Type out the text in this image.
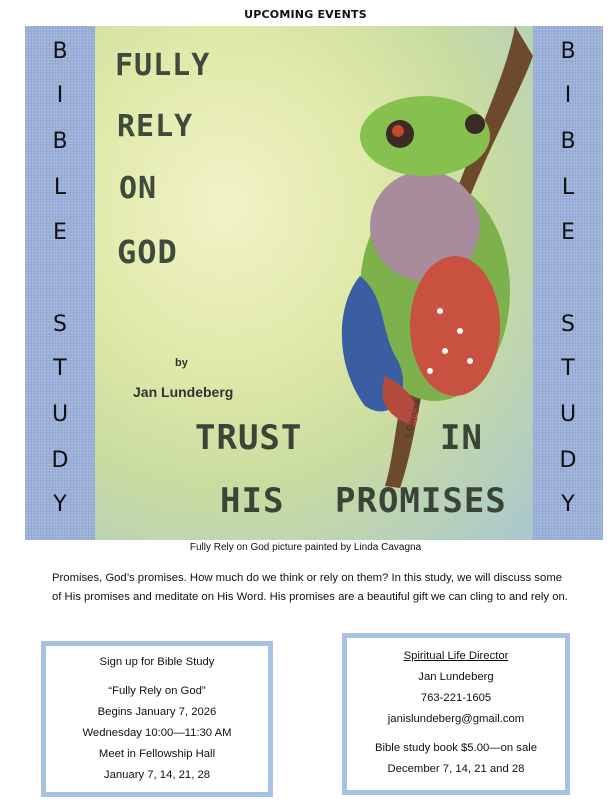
UPCOMING EVENTS
B
I
B
L
E
S
T
U
D
Y
FULLY
RELY
ON
GOD
by
Jan Lundeberg
TRUST	IN
HIS PROMISES
L.Cavagna
B
I
B
L
E
S
T
U
D
Y
Fully Rely on God picture painted by Linda Cavagna
Promises, God’s promises. How much do we think or rely on them? In this study, we will discuss some of His promises and meditate on His Word. His promises are a beautiful gift we can cling to and rely on.
Sign up for Bible Study
“Fully Rely on God”
Begins January 7, 2026
Wednesday 10:00—11:30 AM
Meet in Fellowship Hall
January 7, 14, 21, 28
Spiritual Life Director
Jan Lundeberg
763-221-1605
janislundeberg@gmail.com
Bible study book $5.00—on sale
December 7, 14, 21 and 28
